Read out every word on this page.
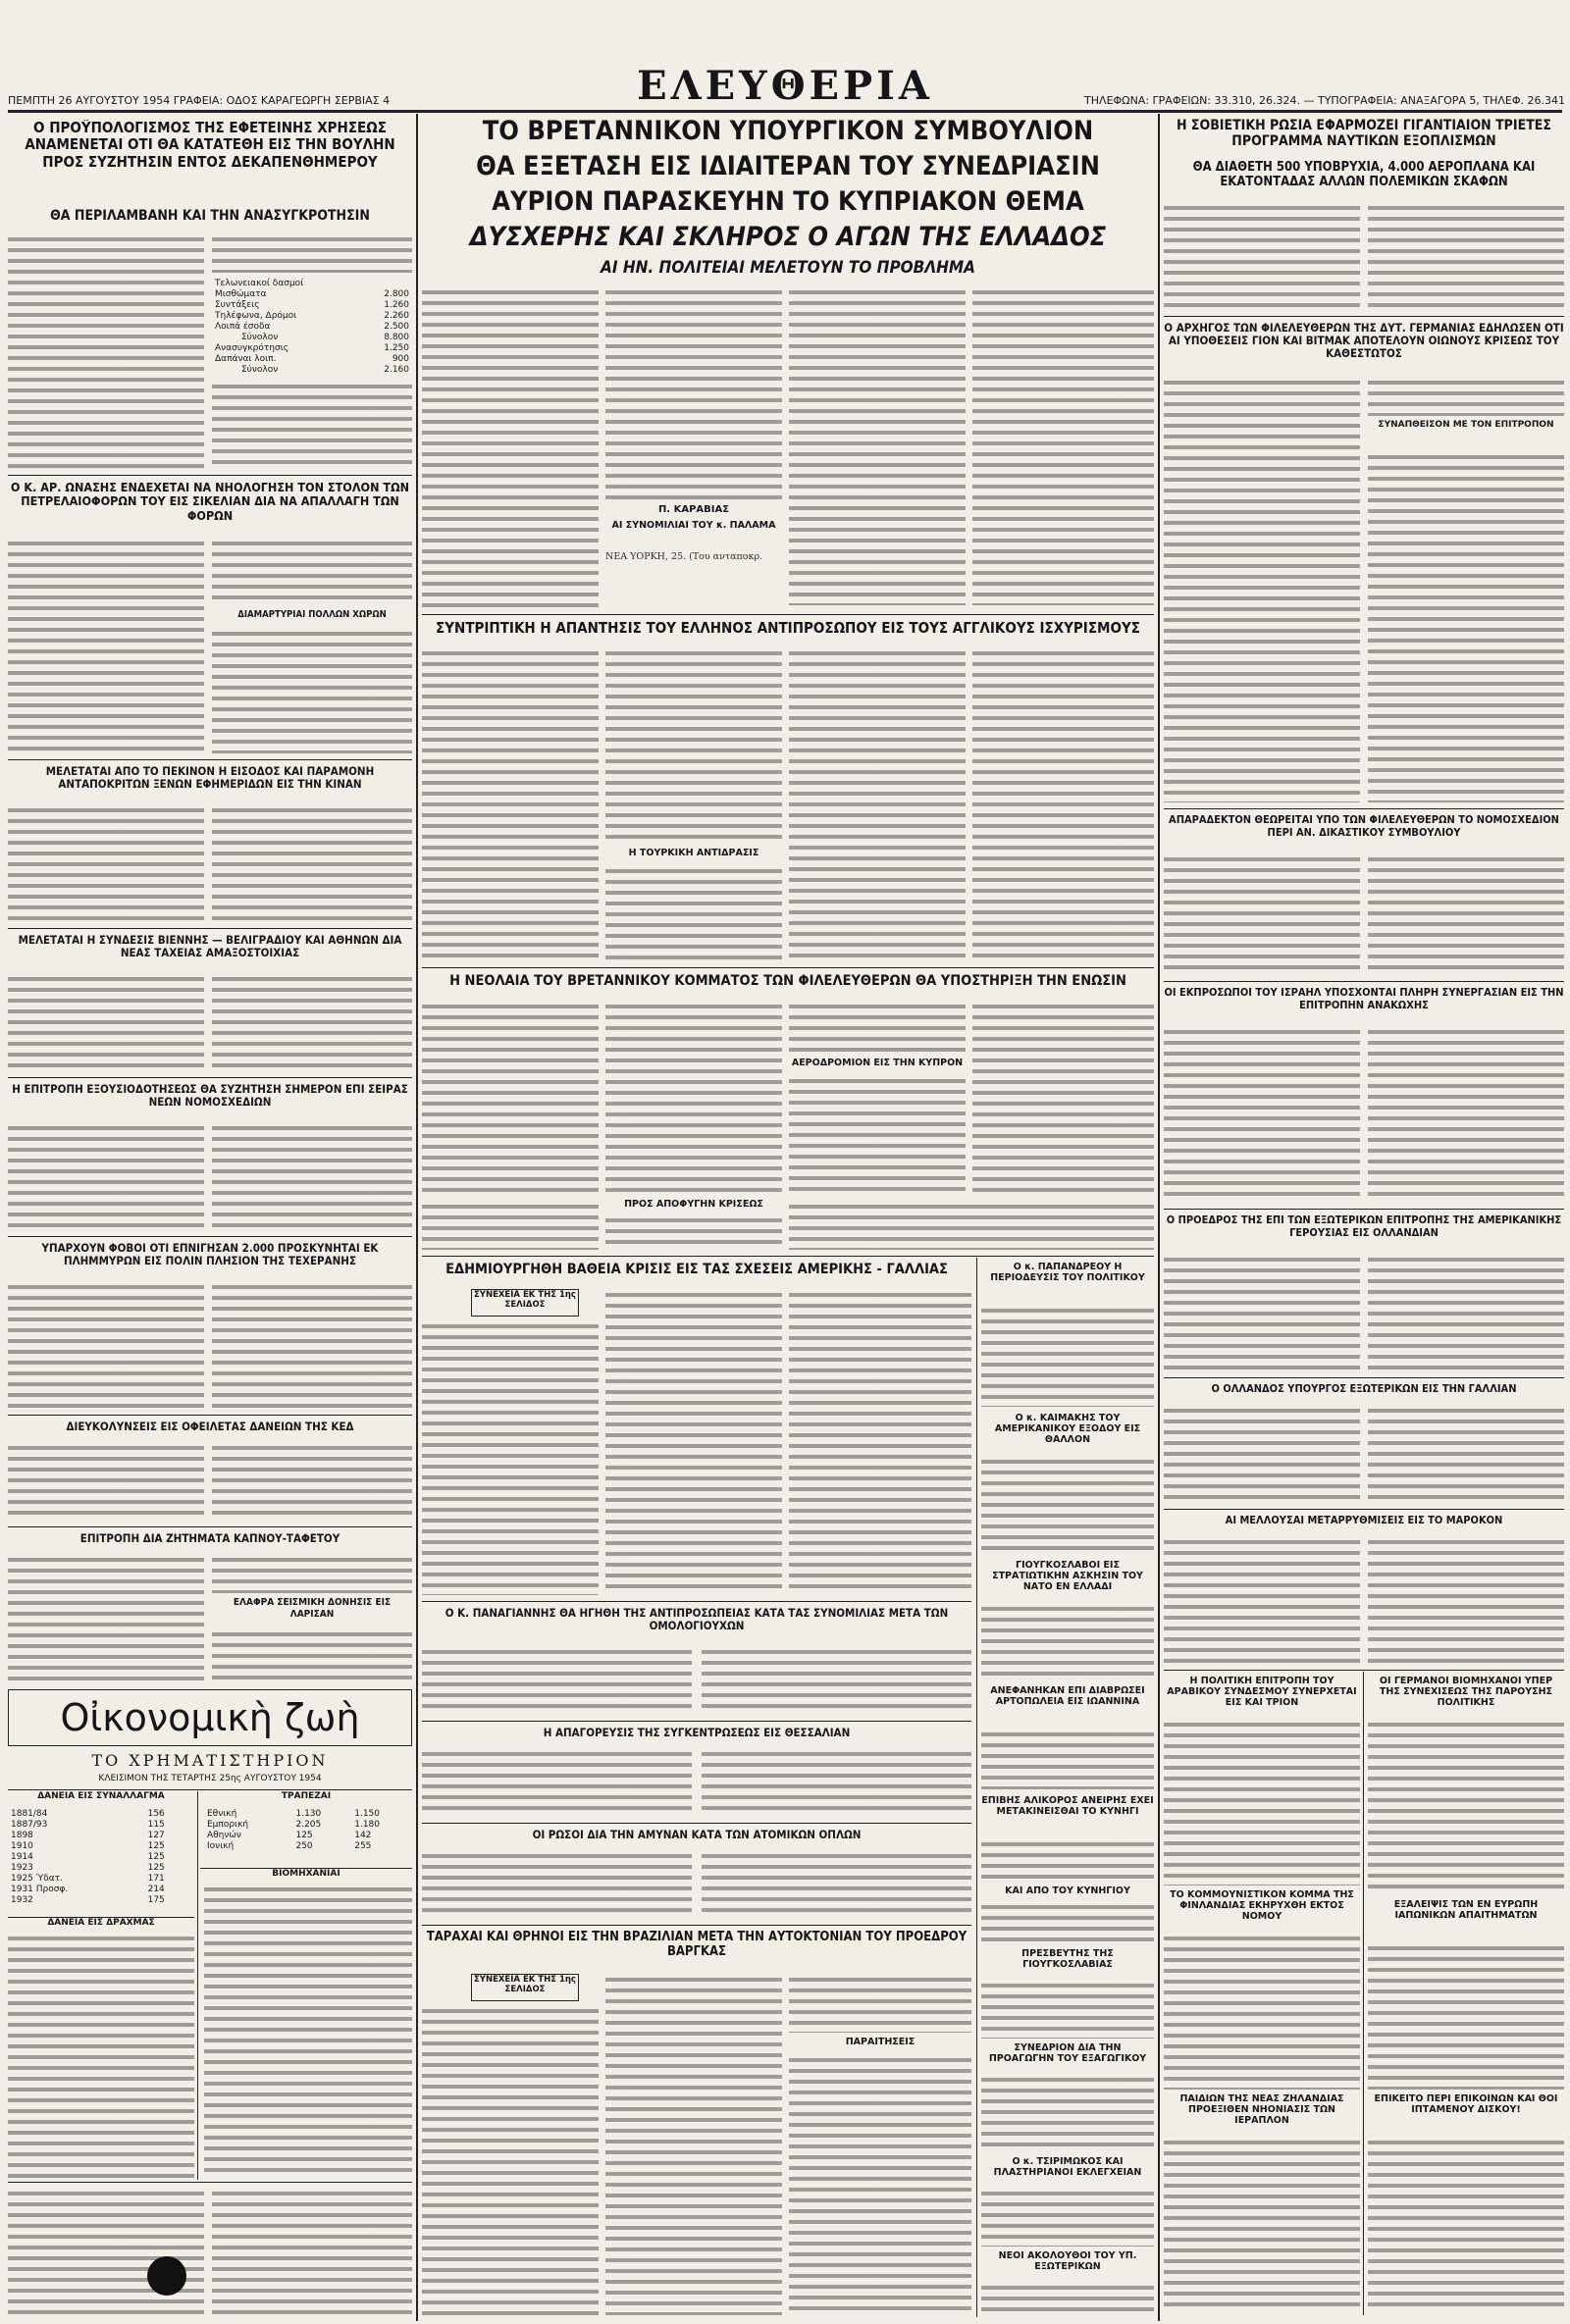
ΠΕΜΠΤΗ 26 ΑΥΓΟΥΣΤΟΥ 1954 ΓΡΑΦΕΙΑ: ΟΔΟΣ ΚΑΡΑΓΕΩΡΓΗ ΣΕΡΒΙΑΣ 4	ΕΛΕΥΘΕΡΙΑ	ΤΗΛΕΦΩΝΑ: ΓΡΑΦΕΙΩΝ: 33.310, 26.324. — ΤΥΠΟΓΡΑΦΕΙΑ: ΑΝΑΞΑΓΟΡΑ 5, ΤΗΛΕΦ. 26.341
Ο ΠΡΟΫΠΟΛΟΓΙΣΜΟΣ ΤΗΣ ΕΦΕΤΕΙΝΗΣ ΧΡΗΣΕΩΣ ΑΝΑΜΕΝΕΤΑΙ ΟΤΙ ΘΑ ΚΑΤΑΤΕΘΗ ΕΙΣ ΤΗΝ ΒΟΥΛΗΝ ΠΡΟΣ ΣΥΖΗΤΗΣΙΝ ΕΝΤΟΣ ΔΕΚΑΠΕΝΘΗΜΕΡΟΥ
ΘΑ ΠΕΡΙΛΑΜΒΑΝΗ ΚΑΙ ΤΗΝ ΑΝΑΣΥΓΚΡΟΤΗΣΙΝ
Τελωνειακοί δασμοί	
Μισθώματα	2.800
Συντάξεις	1.260
Τηλέφωνα, Δρόμοι	2.260
Λοιπά έσοδα	2.500
Σύνολον	8.800
Ανασυγκρότησις	1.250
Δαπάναι λοιπ.	900
Σύνολον	2.160
Ο Κ. ΑΡ. ΩΝΑΣΗΣ ΕΝΔΕΧΕΤΑΙ ΝΑ ΝΗΟΛΟΓΗΣΗ ΤΟΝ ΣΤΟΛΟΝ ΤΩΝ ΠΕΤΡΕΛΑΙΟΦΟΡΩΝ ΤΟΥ ΕΙΣ ΣΙΚΕΛΙΑΝ ΔΙΑ ΝΑ ΑΠΑΛΛΑΓΗ ΤΩΝ ΦΟΡΩΝ
ΔΙΑΜΑΡΤΥΡΙΑΙ ΠΟΛΛΩΝ ΧΩΡΩΝ
ΜΕΛΕΤΑΤΑΙ ΑΠΟ ΤΟ ΠΕΚΙΝΟΝ Η ΕΙΣΟΔΟΣ ΚΑΙ ΠΑΡΑΜΟΝΗ ΑΝΤΑΠΟΚΡΙΤΩΝ ΞΕΝΩΝ ΕΦΗΜΕΡΙΔΩΝ ΕΙΣ ΤΗΝ ΚΙΝΑΝ
ΜΕΛΕΤΑΤΑΙ Η ΣΥΝΔΕΣΙΣ ΒΙΕΝΝΗΣ — ΒΕΛΙΓΡΑΔΙΟΥ ΚΑΙ ΑΘΗΝΩΝ ΔΙΑ ΝΕΑΣ ΤΑΧΕΙΑΣ ΑΜΑΞΟΣΤΟΙΧΙΑΣ
Η ΕΠΙΤΡΟΠΗ ΕΞΟΥΣΙΟΔΟΤΗΣΕΩΣ ΘΑ ΣΥΖΗΤΗΣΗ ΣΗΜΕΡΟΝ ΕΠΙ ΣΕΙΡΑΣ ΝΕΩΝ ΝΟΜΟΣΧΕΔΙΩΝ
ΥΠΑΡΧΟΥΝ ΦΟΒΟΙ ΟΤΙ ΕΠΝΙΓΗΣΑΝ 2.000 ΠΡΟΣΚΥΝΗΤΑΙ ΕΚ ΠΛΗΜΜΥΡΩΝ ΕΙΣ ΠΟΛΙΝ ΠΛΗΣΙΟΝ ΤΗΣ ΤΕΧΕΡΑΝΗΣ
ΔΙΕΥΚΟΛΥΝΣΕΙΣ ΕΙΣ ΟΦΕΙΛΕΤΑΣ ΔΑΝΕΙΩΝ ΤΗΣ ΚΕΔ
ΕΠΙΤΡΟΠΗ ΔΙΑ ΖΗΤΗΜΑΤΑ ΚΑΠΝΟΥ-ΤΑΦΕΤΟΥ
ΕΛΑΦΡΑ ΣΕΙΣΜΙΚΗ ΔΟΝΗΣΙΣ ΕΙΣ ΛΑΡΙΣΑΝ
Οἰκονομικὴ ζωὴ
ΤΟ ΧΡΗΜΑΤΙΣΤΗΡΙΟΝ
ΚΛΕΙΣΙΜΟΝ ΤΗΣ ΤΕΤΑΡΤΗΣ 25ης ΑΥΓΟΥΣΤΟΥ 1954
ΔΑΝΕΙΑ ΕΙΣ ΣΥΝΑΛΛΑΓΜΑ	ΤΡΑΠΕΖΑΙ
1881/84	156
1887/93	115
1898	127
1910	125
1914	125
1923	125
1925 Ύδατ.	171
1931 Προσφ.	214
1932	175
ΔΑΝΕΙΑ ΕΙΣ ΔΡΑΧΜΑΣ
Εθνική	1.130	1.150
Εμπορική	2.205	1.180
Αθηνών	125	142
Ιονική	250	255
ΒΙΟΜΗΧΑΝΙΑΙ
ΤΟ ΒΡΕΤΑΝΝΙΚΟΝ ΥΠΟΥΡΓΙΚΟΝ ΣΥΜΒΟΥΛΙΟΝ
ΘΑ ΕΞΕΤΑΣΗ ΕΙΣ ΙΔΙΑΙΤΕΡΑΝ ΤΟΥ ΣΥΝΕΔΡΙΑΣΙΝ
ΑΥΡΙΟΝ ΠΑΡΑΣΚΕΥΗΝ ΤΟ ΚΥΠΡΙΑΚΟΝ ΘΕΜΑ
ΔΥΣΧΕΡΗΣ ΚΑΙ ΣΚΛΗΡΟΣ Ο ΑΓΩΝ ΤΗΣ ΕΛΛΑΔΟΣ
ΑΙ ΗΝ. ΠΟΛΙΤΕΙΑΙ ΜΕΛΕΤΟΥΝ ΤΟ ΠΡΟΒΛΗΜΑ
Π. ΚΑΡΑΒΙΑΣ
ΑΙ ΣΥΝΟΜΙΛΙΑΙ ΤΟΥ κ. ΠΑΛΑΜΑ
ΝΕΑ ΥΟΡΚΗ, 25. (Του ανταποκρ.
ΣΥΝΤΡΙΠΤΙΚΗ Η ΑΠΑΝΤΗΣΙΣ ΤΟΥ ΕΛΛΗΝΟΣ ΑΝΤΙΠΡΟΣΩΠΟΥ ΕΙΣ ΤΟΥΣ ΑΓΓΛΙΚΟΥΣ ΙΣΧΥΡΙΣΜΟΥΣ
Η ΤΟΥΡΚΙΚΗ ΑΝΤΙΔΡΑΣΙΣ
Η ΝΕΟΛΑΙΑ ΤΟΥ ΒΡΕΤΑΝΝΙΚΟΥ ΚΟΜΜΑΤΟΣ ΤΩΝ ΦΙΛΕΛΕΥΘΕΡΩΝ ΘΑ ΥΠΟΣΤΗΡΙΞΗ ΤΗΝ ΕΝΩΣΙΝ
ΑΕΡΟΔΡΟΜΙΟΝ ΕΙΣ ΤΗΝ ΚΥΠΡΟΝ
ΠΡΟΣ ΑΠΟΦΥΓΗΝ ΚΡΙΣΕΩΣ
ΕΔΗΜΙΟΥΡΓΗΘΗ ΒΑΘΕΙΑ ΚΡΙΣΙΣ ΕΙΣ ΤΑΣ ΣΧΕΣΕΙΣ ΑΜΕΡΙΚΗΣ - ΓΑΛΛΙΑΣ
ΣΥΝΕΧΕΙΑ ΕΚ ΤΗΣ 1ης ΣΕΛΙΔΟΣ
Ο Κ. ΠΑΝΑΓΙΑΝΝΗΣ ΘΑ ΗΓΗΘΗ ΤΗΣ ΑΝΤΙΠΡΟΣΩΠΕΙΑΣ ΚΑΤΑ ΤΑΣ ΣΥΝΟΜΙΛΙΑΣ ΜΕΤΑ ΤΩΝ ΟΜΟΛΟΓΙΟΥΧΩΝ
Η ΑΠΑΓΟΡΕΥΣΙΣ ΤΗΣ ΣΥΓΚΕΝΤΡΩΣΕΩΣ ΕΙΣ ΘΕΣΣΑΛΙΑΝ
ΟΙ ΡΩΣΟΙ ΔΙΑ ΤΗΝ ΑΜΥΝΑΝ ΚΑΤΑ ΤΩΝ ΑΤΟΜΙΚΩΝ ΟΠΛΩΝ
ΤΑΡΑΧΑΙ ΚΑΙ ΘΡΗΝΟΙ ΕΙΣ ΤΗΝ ΒΡΑΖΙΛΙΑΝ ΜΕΤΑ ΤΗΝ ΑΥΤΟΚΤΟΝΙΑΝ ΤΟΥ ΠΡΟΕΔΡΟΥ ΒΑΡΓΚΑΣ
ΣΥΝΕΧΕΙΑ ΕΚ ΤΗΣ 1ης ΣΕΛΙΔΟΣ
ΠΑΡΑΙΤΗΣΕΙΣ
Ο κ. ΠΑΠΑΝΔΡΕΟΥ Η ΠΕΡΙΟΔΕΥΣΙΣ ΤΟΥ ΠΟΛΙΤΙΚΟΥ
Ο κ. ΚΑΙΜΑΚΗΣ ΤΟΥ ΑΜΕΡΙΚΑΝΙΚΟΥ ΕΞΟΔΟΥ ΕΙΣ ΘΑΛΛΟΝ
ΓΙΟΥΓΚΟΣΛΑΒΟΙ ΕΙΣ ΣΤΡΑΤΙΩΤΙΚΗΝ ΑΣΚΗΣΙΝ ΤΟΥ ΝΑΤΟ ΕΝ ΕΛΛΑΔΙ
ΑΝΕΦΑΝΗΚΑΝ ΕΠΙ ΔΙΑΒΡΩΣΕΙ ΑΡΤΟΠΩΛΕΙΑ ΕΙΣ ΙΩΑΝΝΙΝΑ
ΕΠΙΒΗΣ ΑΛΙΚΟΡΟΣ ΑΝΕΙΡΗΣ ΕΧΕΙ ΜΕΤΑΚΙΝΕΙΣΘΑΙ ΤΟ ΚΥΝΗΓΙ
ΚΑΙ ΑΠΟ ΤΟΥ ΚΥΝΗΓΙΟΥ
ΠΡΕΣΒΕΥΤΗΣ ΤΗΣ ΓΙΟΥΓΚΟΣΛΑΒΙΑΣ
ΣΥΝΕΔΡΙΟΝ ΔΙΑ ΤΗΝ ΠΡΟΑΓΩΓΗΝ ΤΟΥ ΕΞΑΓΩΓΙΚΟΥ
Ο κ. ΤΣΙΡΙΜΩΚΟΣ ΚΑΙ ΠΛΑΣΤΗΡΙΑΝΟΙ ΕΚΛΕΓΧΕΙΑΝ
ΝΕΟΙ ΑΚΟΛΟΥΘΟΙ ΤΟΥ ΥΠ. ΕΞΩΤΕΡΙΚΩΝ
Η ΣΟΒΙΕΤΙΚΗ ΡΩΣΙΑ ΕΦΑΡΜΟΖΕΙ ΓΙΓΑΝΤΙΑΙΟΝ ΤΡΙΕΤΕΣ ΠΡΟΓΡΑΜΜΑ ΝΑΥΤΙΚΩΝ ΕΞΟΠΛΙΣΜΩΝ
ΘΑ ΔΙΑΘΕΤΗ 500 ΥΠΟΒΡΥΧΙΑ, 4.000 ΑΕΡΟΠΛΑΝΑ ΚΑΙ ΕΚΑΤΟΝΤΑΔΑΣ ΑΛΛΩΝ ΠΟΛΕΜΙΚΩΝ ΣΚΑΦΩΝ
Ο ΑΡΧΗΓΟΣ ΤΩΝ ΦΙΛΕΛΕΥΘΕΡΩΝ ΤΗΣ ΔΥΤ. ΓΕΡΜΑΝΙΑΣ ΕΔΗΛΩΣΕΝ ΟΤΙ ΑΙ ΥΠΟΘΕΣΕΙΣ ΓΙΟΝ ΚΑΙ ΒΙΤΜΑΚ ΑΠΟΤΕΛΟΥΝ ΟΙΩΝΟΥΣ ΚΡΙΣΕΩΣ ΤΟΥ ΚΑΘΕΣΤΩΤΟΣ
ΣΥΝΑΠΘΕΙΣΟΝ ΜΕ ΤΟΝ ΕΠΙΤΡΟΠΟΝ
ΑΠΑΡΑΔΕΚΤΟΝ ΘΕΩΡΕΙΤΑΙ ΥΠΟ ΤΩΝ ΦΙΛΕΛΕΥΘΕΡΩΝ ΤΟ ΝΟΜΟΣΧΕΔΙΟΝ ΠΕΡΙ ΑΝ. ΔΙΚΑΣΤΙΚΟΥ ΣΥΜΒΟΥΛΙΟΥ
ΟΙ ΕΚΠΡΟΣΩΠΟΙ ΤΟΥ ΙΣΡΑΗΛ ΥΠΟΣΧΟΝΤΑΙ ΠΛΗΡΗ ΣΥΝΕΡΓΑΣΙΑΝ ΕΙΣ ΤΗΝ ΕΠΙΤΡΟΠΗΝ ΑΝΑΚΩΧΗΣ
Ο ΠΡΟΕΔΡΟΣ ΤΗΣ ΕΠΙ ΤΩΝ ΕΞΩΤΕΡΙΚΩΝ ΕΠΙΤΡΟΠΗΣ ΤΗΣ ΑΜΕΡΙΚΑΝΙΚΗΣ ΓΕΡΟΥΣΙΑΣ ΕΙΣ ΟΛΛΑΝΔΙΑΝ
Ο ΟΛΛΑΝΔΟΣ ΥΠΟΥΡΓΟΣ ΕΞΩΤΕΡΙΚΩΝ ΕΙΣ ΤΗΝ ΓΑΛΛΙΑΝ
ΑΙ ΜΕΛΛΟΥΣΑΙ ΜΕΤΑΡΡΥΘΜΙΣΕΙΣ ΕΙΣ ΤΟ ΜΑΡΟΚΟΝ
Η ΠΟΛΙΤΙΚΗ ΕΠΙΤΡΟΠΗ ΤΟΥ ΑΡΑΒΙΚΟΥ ΣΥΝΔΕΣΜΟΥ ΣΥΝΕΡΧΕΤΑΙ ΕΙΣ ΚΑΙ ΤΡΙΟΝ
ΤΟ ΚΟΜΜΟΥΝΙΣΤΙΚΟΝ ΚΟΜΜΑ ΤΗΣ ΦΙΝΛΑΝΔΙΑΣ ΕΚΗΡΥΧΘΗ ΕΚΤΟΣ ΝΟΜΟΥ
ΠΑΙΔΙΩΝ ΤΗΣ ΝΕΑΣ ΖΗΛΑΝΔΙΑΣ ΠΡΟΕΞΙΘΕΝ ΝΗΟΝΙΑΣΙΣ ΤΩΝ ΙΕΡΑΠΛΟΝ
ΟΙ ΓΕΡΜΑΝΟΙ ΒΙΟΜΗΧΑΝΟΙ ΥΠΕΡ ΤΗΣ ΣΥΝΕΧΙΣΕΩΣ ΤΗΣ ΠΑΡΟΥΣΗΣ ΠΟΛΙΤΙΚΗΣ
ΕΞΑΛΕΙΨΙΣ ΤΩΝ ΕΝ ΕΥΡΩΠΗ ΙΑΠΩΝΙΚΩΝ ΑΠΑΙΤΗΜΑΤΩΝ
ΕΠΙΚΕΙΤΟ ΠΕΡΙ ΕΠΙΚΟΙΝΩΝ ΚΑΙ ΘΟΙ ΙΠΤΑΜΕΝΟΥ ΔΙΣΚΟΥ!
